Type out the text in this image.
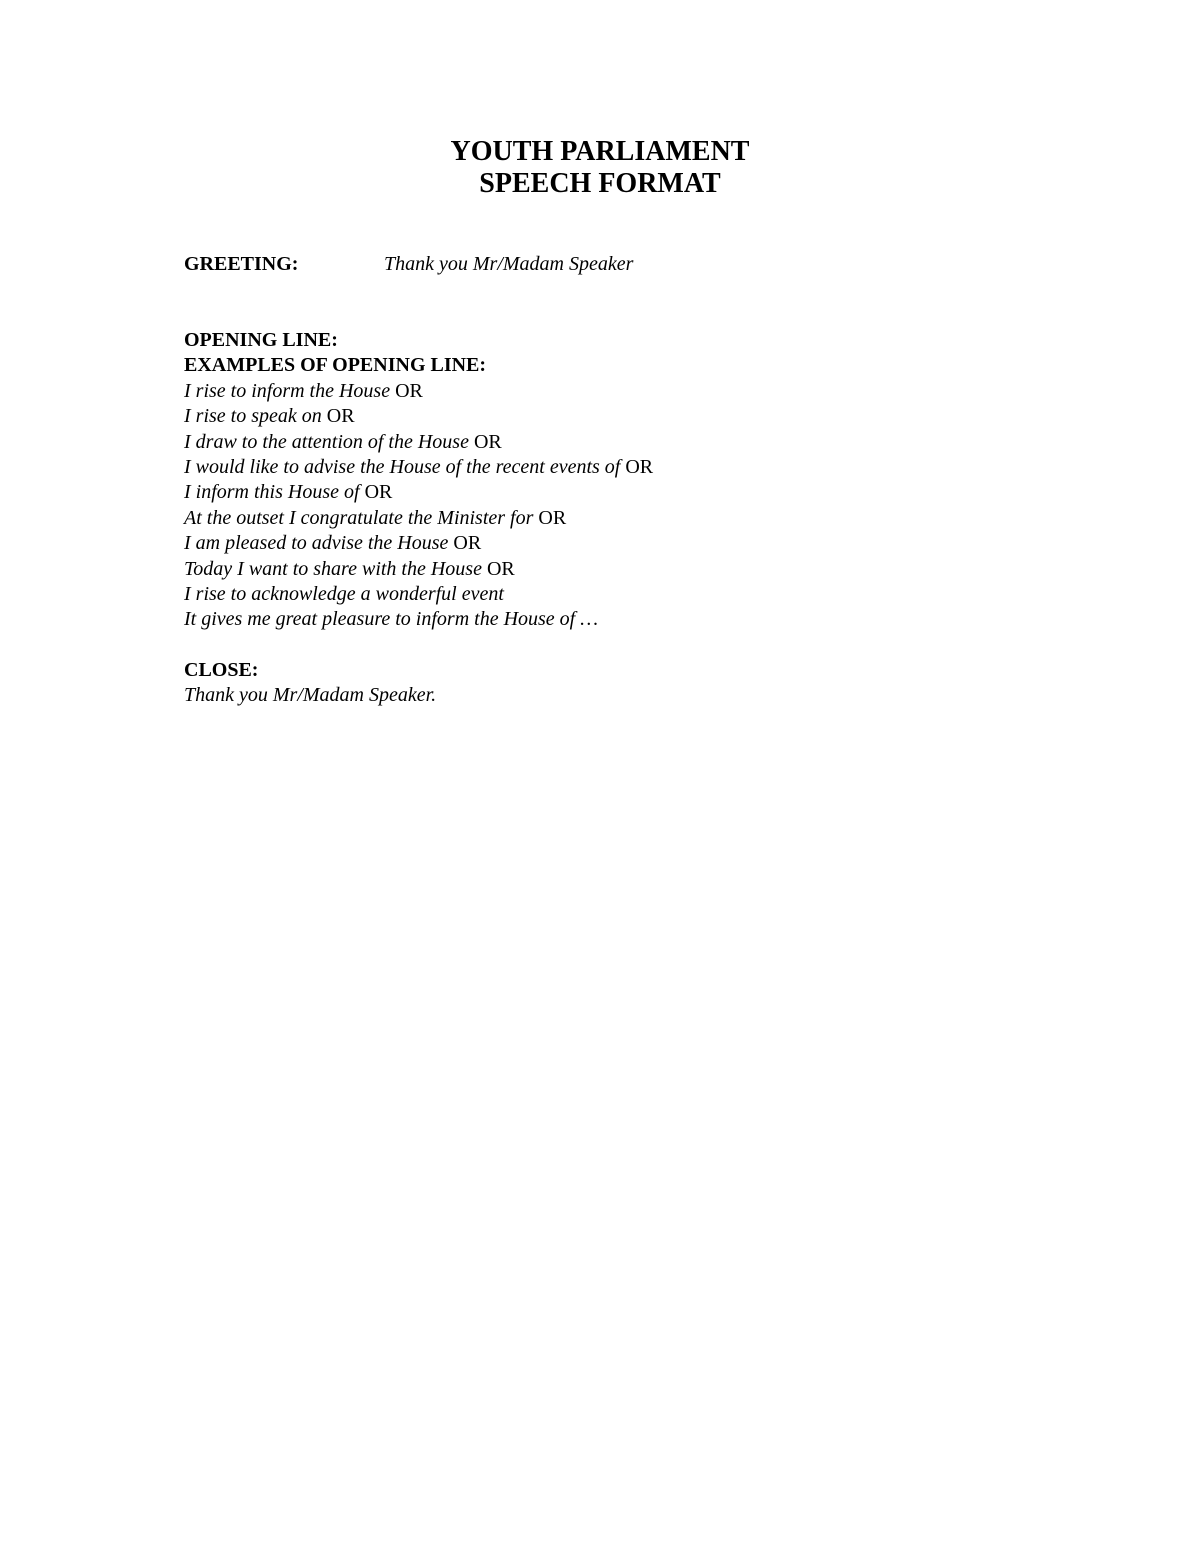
YOUTH PARLIAMENT
SPEECH FORMAT
GREETING:	Thank you Mr/Madam Speaker
OPENING LINE:
EXAMPLES OF OPENING LINE:
I rise to inform the House OR
I rise to speak on OR
I draw to the attention of the House OR
I would like to advise the House of the recent events of OR
I inform this House of OR
At the outset I congratulate the Minister for OR
I am pleased to advise the House OR
Today I want to share with the House OR
I rise to acknowledge a wonderful event
It gives me great pleasure to inform the House of …
CLOSE:
Thank you Mr/Madam Speaker.
